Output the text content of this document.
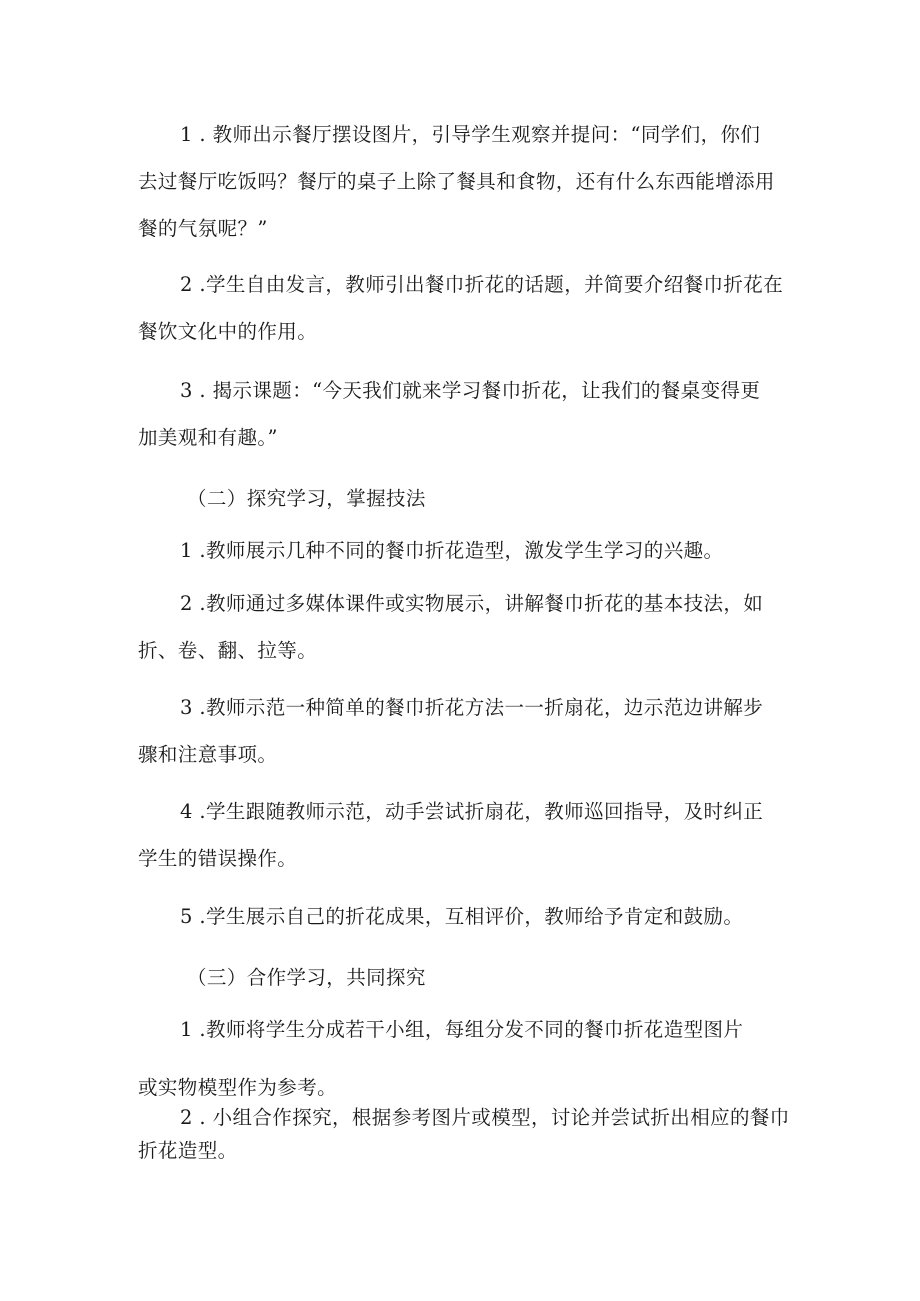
1 . 教师出示餐厅摆设图片，引导学生观察并提问：“同学们，你们
去过餐厅吃饭吗？餐厅的桌子上除了餐具和食物，还有什么东西能增添用
餐的气氛呢？”

2 .学生自由发言，教师引出餐巾折花的话题，并简要介绍餐巾折花在
餐饮文化中的作用。

3 . 揭示课题：“今天我们就来学习餐巾折花，让我们的餐桌变得更
加美观和有趣。”

（二）探究学习，掌握技法

1 .教师展示几种不同的餐巾折花造型，激发学生学习的兴趣。

2 .教师通过多媒体课件或实物展示，讲解餐巾折花的基本技法，如
折、卷、翻、拉等。

3 .教师示范一种简单的餐巾折花方法一一折扇花，边示范边讲解步
骤和注意事项。

4 .学生跟随教师示范，动手尝试折扇花，教师巡回指导，及时纠正
学生的错误操作。

5 .学生展示自己的折花成果，互相评价，教师给予肯定和鼓励。

（三）合作学习，共同探究

1 .教师将学生分成若干小组，每组分发不同的餐巾折花造型图片

或实物模型作为参考。

2 . 小组合作探究，根据参考图片或模型，讨论并尝试折出相应的餐巾
折花造型。
